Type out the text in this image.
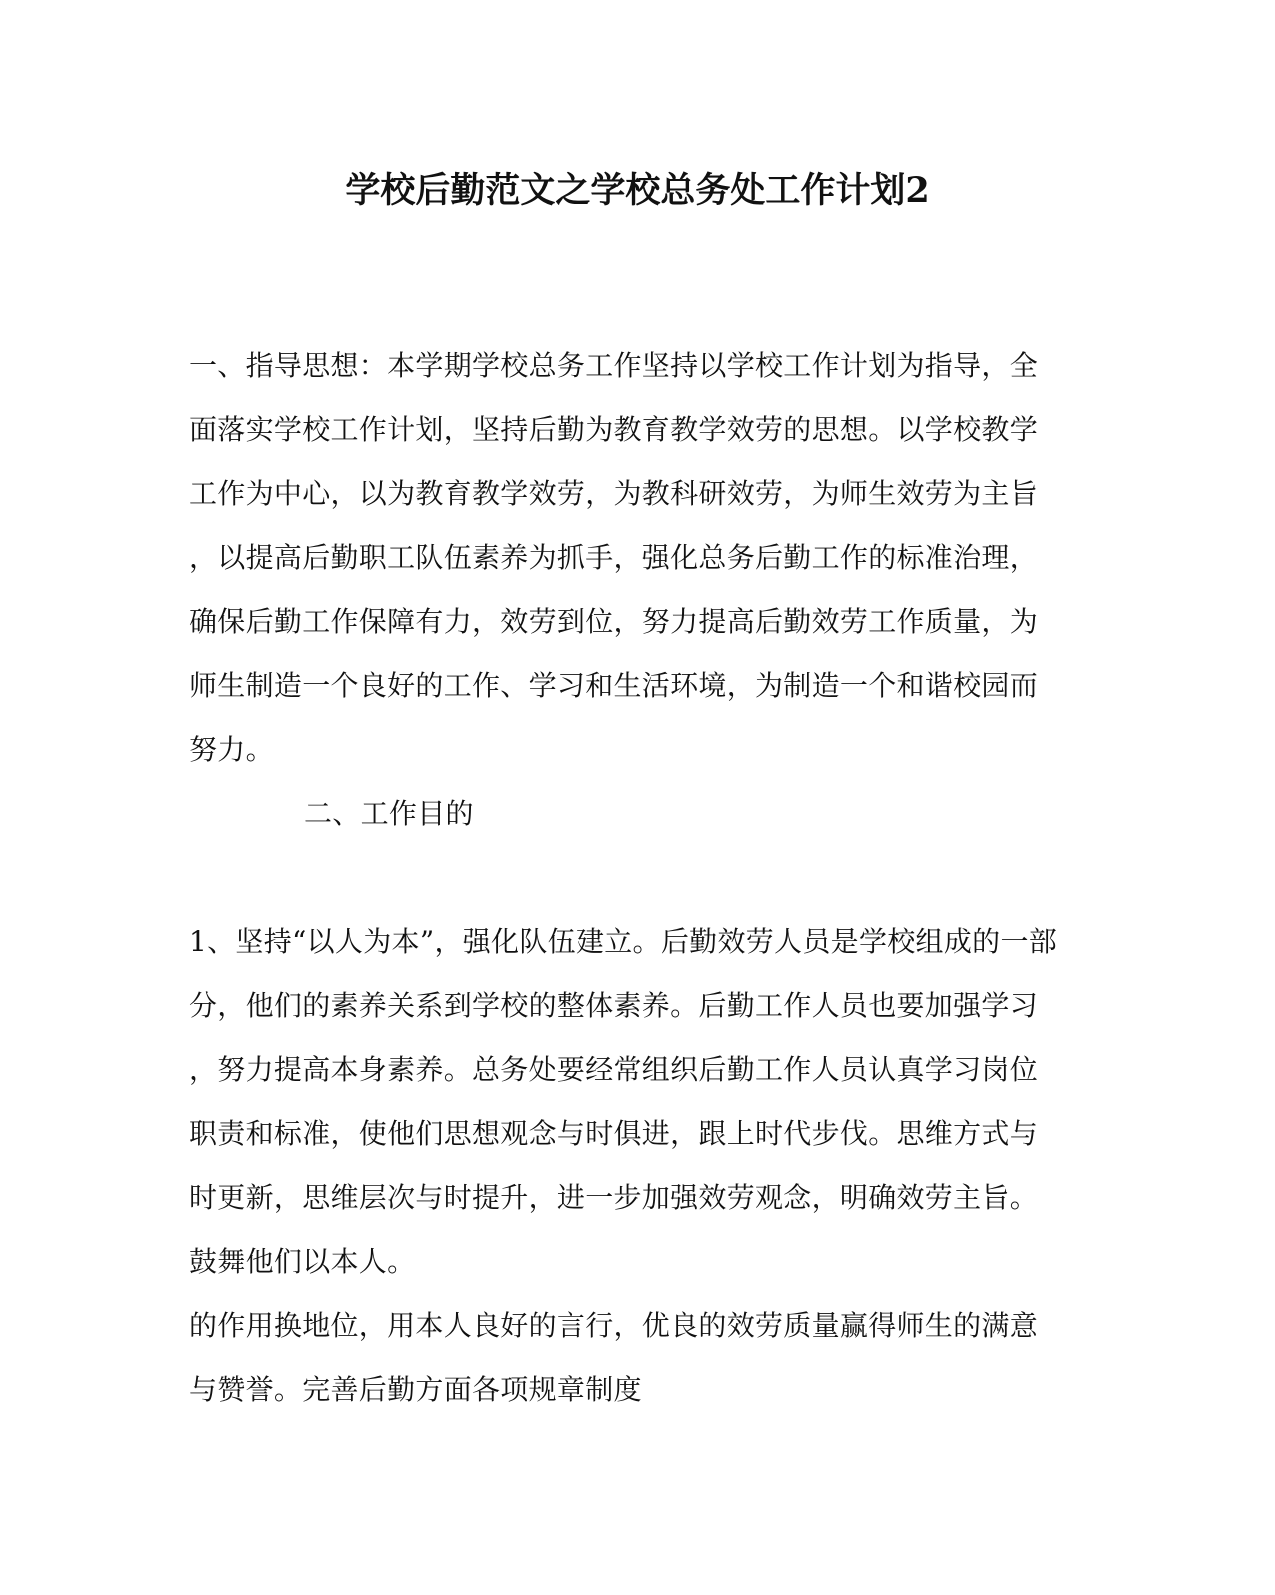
学校后勤范文之学校总务处工作计划2
一、指导思想：本学期学校总务工作坚持以学校工作计划为指导，全
面落实学校工作计划，坚持后勤为教育教学效劳的思想。以学校教学
工作为中心，以为教育教学效劳，为教科研效劳，为师生效劳为主旨
，以提高后勤职工队伍素养为抓手，强化总务后勤工作的标准治理，
确保后勤工作保障有力，效劳到位，努力提高后勤效劳工作质量，为
师生制造一个良好的工作、学习和生活环境，为制造一个和谐校园而
努力。
二、工作目的
1、坚持“以人为本”，强化队伍建立。后勤效劳人员是学校组成的一部
分，他们的素养关系到学校的整体素养。后勤工作人员也要加强学习
，努力提高本身素养。总务处要经常组织后勤工作人员认真学习岗位
职责和标准，使他们思想观念与时俱进，跟上时代步伐。思维方式与
时更新，思维层次与时提升，进一步加强效劳观念，明确效劳主旨。
鼓舞他们以本人。
的作用换地位，用本人良好的言行，优良的效劳质量赢得师生的满意
与赞誉。完善后勤方面各项规章制度
